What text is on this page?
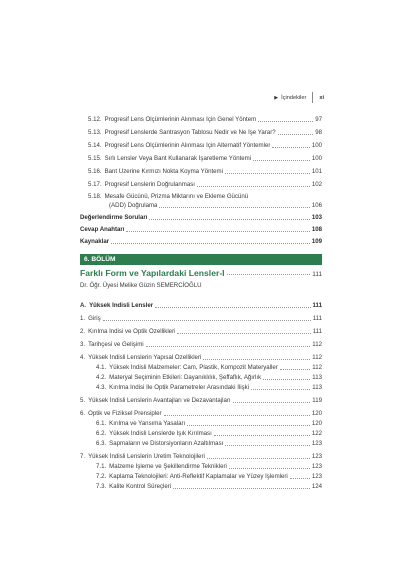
▶ İçindekiler xi
5.12. Progresif Lens Ölçümlerinin Alınması İçin Genel Yöntem	97
5.13. Progresif Lenslerde Santrasyon Tablosu Nedir ve Ne İşe Yarar?	98
5.14. Progresif Lens Ölçümlerinin Alınması İçin Alternatif Yöntemler	100
5.15. Sırlı Lensler Veya Bant Kullanarak İşaretleme Yöntemi	100
5.16. Bant Üzerine Kırmızı Nokta Koyma Yöntemi	101
5.17. Progresif Lenslerin Doğrulanması	102
5.18. Mesafe Gücünü, Prizma Miktarını ve Ekleme Gücünü
(ADD) Doğrulama	106
Değerlendirme Soruları	103
Cevap Anahtarı	108
Kaynaklar	109
6. BÖLÜM
Farklı Form ve Yapılardaki Lensler-I	111
Dr. Öğr. Üyesi Melike Güzin SEMERCİOĞLU
A. Yüksek İndisli Lensler	111
1. Giriş	111
2. Kırılma İndisi ve Optik Özellikleri	111
3. Tarihçesi ve Gelişimi	112
4. Yüksek İndisli Lenslerin Yapısal Özellikleri	112
4.1. Yüksek İndisli Malzemeler: Cam, Plastik, Kompozit Materyaller	112
4.2. Materyal Seçiminin Etkileri: Dayanıklılık, Şeffaflık, Ağırlık	113
4.3. Kırılma İndisi İle Optik Parametreler Arasındaki İlişki	113
5. Yüksek İndisli Lenslerin Avantajları ve Dezavantajları	119
6. Optik ve Fiziksel Prensipler	120
6.1. Kırılma ve Yansıma Yasaları	120
6.2. Yüksek İndisli Lenslerde Işık Kırılması	122
6.3. Sapmaların ve Distorsiyonların Azaltılması	123
7. Yüksek İndisli Lenslerin Üretim Teknolojileri	123
7.1. Malzeme İşleme ve Şekillendirme Teknikleri	123
7.2. Kaplama Teknolojileri: Anti-Reflektif Kaplamalar ve Yüzey İşlemleri	123
7.3. Kalite Kontrol Süreçleri	124
